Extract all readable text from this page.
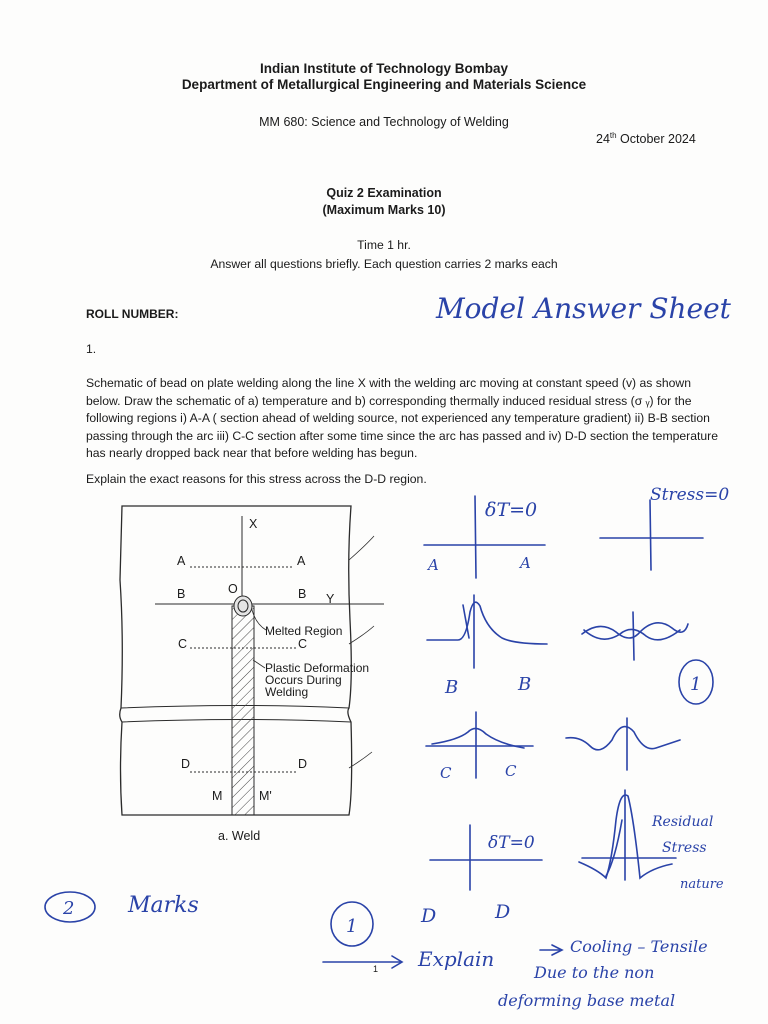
Indian Institute of Technology Bombay
Department of Metallurgical Engineering and Materials Science
MM 680: Science and Technology of Welding
24th October 2024
Quiz 2 Examination
(Maximum Marks 10)
Time 1 hr.
Answer all questions briefly. Each question carries 2 marks each
ROLL NUMBER:
1.
Schematic of bead on plate welding along the line X with the welding arc moving at constant speed (v) as shown below. Draw the schematic of a) temperature and b) corresponding thermally induced residual stress (σ ᵧ) for the following regions i) A-A ( section ahead of welding source, not experienced any temperature gradient) ii) B-B section passing through the arc iii) C-C section after some time since the arc has passed and iv) D-D section the temperature has nearly dropped back near that before welding has begun.
Explain the exact reasons for this stress across the D-D region.
X
A	A
B	B Y
O
C	C
Melted Region
Plastic Deformation
Occurs During
Welding
D	D
M	M'
a. Weld
1
Model Answer Sheet
δT=0
Stress=0
A	A
B	B	1
C	C
δT=0
Residual
Stress
nature
2 Marks
1	D	D
Explain
Cooling – Tensile
Due to the non
deforming base metal
